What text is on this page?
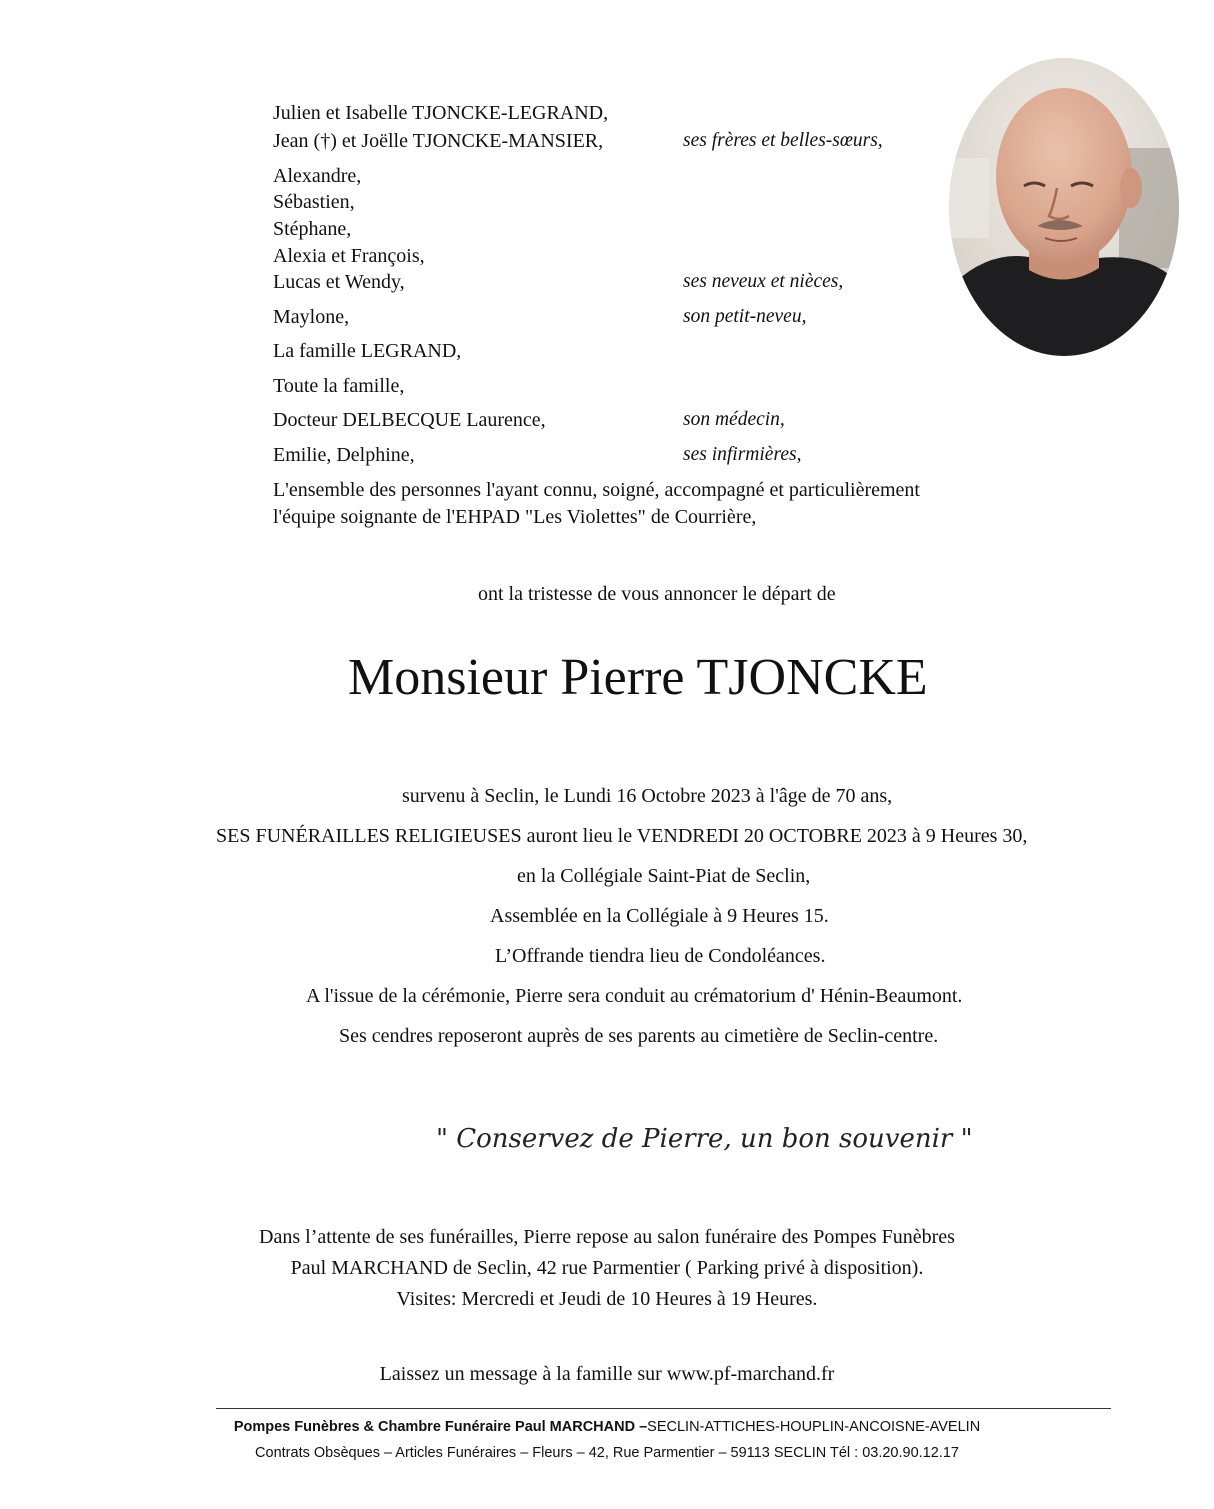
Julien et Isabelle TJONCKE-LEGRAND,
Jean (†) et Joëlle TJONCKE-MANSIER,	ses frères et belles-sœurs,
Alexandre,
Sébastien,
Stéphane,
Alexia et François,
Lucas et Wendy,	ses neveux et nièces,
Maylone,	son petit-neveu,
La famille LEGRAND,
Toute la famille,
Docteur DELBECQUE Laurence,	son médecin,
Emilie, Delphine,	ses infirmières,
L'ensemble des personnes l'ayant connu, soigné, accompagné et particulièrement
l'équipe soignante de l'EHPAD "Les Violettes" de Courrière,
ont la tristesse de vous annoncer le départ de
Monsieur Pierre TJONCKE
survenu à Seclin, le Lundi 16 Octobre 2023 à l'âge de 70 ans,
SES FUNÉRAILLES RELIGIEUSES auront lieu le VENDREDI 20 OCTOBRE 2023 à 9 Heures 30,
en la Collégiale Saint-Piat de Seclin,
Assemblée en la Collégiale à 9 Heures 15.
L’Offrande tiendra lieu de Condoléances.
A l'issue de la cérémonie, Pierre sera conduit au crématorium d' Hénin-Beaumont.
Ses cendres reposeront auprès de ses parents au cimetière de Seclin-centre.
" Conservez de Pierre, un bon souvenir "
Dans l’attente de ses funérailles, Pierre repose au salon funéraire des Pompes Funèbres
Paul MARCHAND de Seclin, 42 rue Parmentier ( Parking privé à disposition).
Visites: Mercredi et Jeudi de 10 Heures à 19 Heures.
Laissez un message à la famille sur www.pf-marchand.fr
Pompes Funèbres & Chambre Funéraire Paul MARCHAND –SECLIN-ATTICHES-HOUPLIN-ANCOISNE-AVELIN
Contrats Obsèques – Articles Funéraires – Fleurs – 42, Rue Parmentier – 59113 SECLIN Tél : 03.20.90.12.17
